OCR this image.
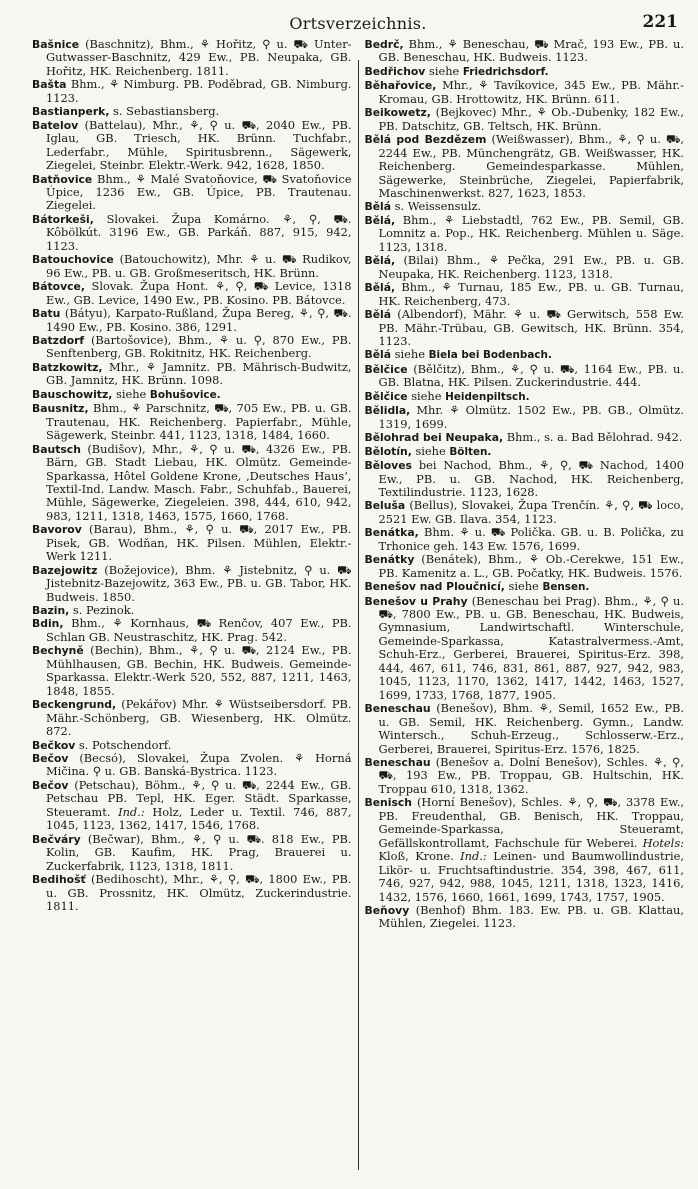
Ortsverzeichnis.	221

Bašnice (Baschnitz), Bhm., ⚘ Hořitz, ⚲ u. ⛟ Unter-Gutwasser-Baschnitz, 429 Ew., PB. Neupaka, GB. Hořitz, HK. Reichenberg. 1811.

Bašta Bhm., ⚘ Nimburg. PB. Poděbrad, GB. Nimburg. 1123.

Bastianperk, s. Sebastiansberg.

Batelov (Battelau), Mhr., ⚘, ⚲ u. ⛟, 2040 Ew., PB. Iglau, GB. Triesch, HK. Brünn. Tuchfabr., Lederfabr., Mühle, Spiritusbrenn., Sägewerk, Ziegelei, Steinbr. Elektr.-Werk. 942, 1628, 1850.

Batňovice Bhm., ⚘ Malé Svatoňovice, ⛟ Svatoňovice Úpice, 1236 Ew., GB. Úpice, PB. Trautenau. Ziegelei.

Bátorkeši, Slovakei. Župa Komárno. ⚘, ⚲, ⛟. Kôbölkút. 3196 Ew., GB. Parkáň. 887, 915, 942, 1123.

Batouchovice (Batouchowitz), Mhr. ⚘ u. ⛟ Rudikov, 96 Ew., PB. u. GB. Großmeseritsch, HK. Brünn.

Bátovce, Slovak. Župa Hont. ⚘, ⚲, ⛟ Levice, 1318 Ew., GB. Levice, 1490 Ew., PB. Kosino. PB. Bátovce.

Batu (Bátyu), Karpato-Rußland, Župa Bereg, ⚘, ⚲, ⛟. 1490 Ew., PB. Kosino. 386, 1291.

Batzdorf (Bartošovice), Bhm., ⚘ u. ⚲, 870 Ew., PB. Senftenberg, GB. Rokitnitz, HK. Reichenberg.

Batzkowitz, Mhr., ⚘ Jamnitz. PB. Mährisch-Budwitz, GB. Jamnitz, HK. Brünn. 1098.

Bauschowitz, siehe Bohušovice.

Bausnitz, Bhm., ⚘ Parschnitz, ⛟, 705 Ew., PB. u. GB. Trautenau, HK. Reichenberg. Papierfabr., Mühle, Sägewerk, Steinbr. 441, 1123, 1318, 1484, 1660.

Bautsch (Budišov), Mhr., ⚘, ⚲ u. ⛟, 4326 Ew., PB. Bärn, GB. Stadt Liebau, HK. Olmütz. Gemeinde-Sparkassa, Hôtel Goldene Krone, ‚Deutsches Haus‘, Textil-Ind. Landw. Masch. Fabr., Schuhfab., Bauerei, Mühle, Sägewerke, Ziegeleien. 398, 444, 610, 942, 983, 1211, 1318, 1463, 1575, 1660, 1768.

Bavorov (Barau), Bhm., ⚘, ⚲ u. ⛟, 2017 Ew., PB. Pisek, GB. Wodňan, HK. Pilsen. Mühlen, Elektr.-Werk 1211.

Bazejowitz (Božejovice), Bhm. ⚘ Jistebnitz, ⚲ u. ⛟ Jistebnitz-Bazejowitz, 363 Ew., PB. u. GB. Tabor, HK. Budweis. 1850.

Bazin, s. Pezinok.

Bdin, Bhm., ⚘ Kornhaus, ⛟ Renčov, 407 Ew., PB. Schlan GB. Neustraschitz, HK. Prag. 542.

Bechyně (Bechin), Bhm., ⚘, ⚲ u. ⛟, 2124 Ew., PB. Mühlhausen, GB. Bechin, HK. Budweis. Gemeinde-Sparkassa. Elektr.-Werk 520, 552, 887, 1211, 1463, 1848, 1855.

Beckengrund, (Pekářov) Mhr. ⚘ Wüstseibersdorf. PB. Mähr.-Schönberg, GB. Wiesenberg, HK. Olmütz. 872.

Bečkov s. Potschendorf.

Bečov (Becsó), Slovakei, Župa Zvolen. ⚘ Horná Mičina. ⚲ u. GB. Banská-Bystrica. 1123.

Bečov (Petschau), Böhm., ⚘, ⚲ u. ⛟, 2244 Ew., GB. Petschau PB. Tepl, HK. Eger. Städt. Sparkasse, Steueramt. Ind.: Holz, Leder u. Textil. 746, 887, 1045, 1123, 1362, 1417, 1546, 1768.

Bečváry (Bečwar), Bhm., ⚘, ⚲ u. ⛟. 818 Ew., PB. Kolin, GB. Kaufim, HK. Prag, Brauerei u. Zuckerfabrik, 1123, 1318, 1811.

Bedihošť (Bedihoscht), Mhr., ⚘, ⚲, ⛟, 1800 Ew., PB. u. GB. Prossnitz, HK. Olmütz, Zuckerindustrie. 1811.

Bedrč, Bhm., ⚘ Beneschau, ⛟ Mrač, 193 Ew., PB. u. GB. Beneschau, HK. Budweis. 1123.

Bedřichov siehe Friedrichsdorf.

Běhařovice, Mhr., ⚘ Tavíkovice, 345 Ew., PB. Mähr.-Kromau, GB. Hrottowitz, HK. Brünn. 611.

Beikowetz, (Bejkovec) Mhr., ⚘ Ob.-Dubenky, 182 Ew., PB. Datschitz, GB. Teltsch, HK. Brünn.

Bělá pod Bezdězem (Weißwasser), Bhm., ⚘, ⚲ u. ⛟, 2244 Ew., PB. Münchengrätz, GB. Weißwasser, HK. Reichenberg. Gemeindesparkasse. Mühlen, Sägewerke, Steinbrüche, Ziegelei, Papierfabrik, Maschinenwerkst. 827, 1623, 1853.

Bělá s. Weissensulz.

Bělá, Bhm., ⚘ Liebstadtl, 762 Ew., PB. Semil, GB. Lomnitz a. Pop., HK. Reichenberg. Mühlen u. Säge. 1123, 1318.

Bělá, (Bilai) Bhm., ⚘ Pečka, 291 Ew., PB. u. GB. Neupaka, HK. Reichenberg. 1123, 1318.

Bělá, Bhm., ⚘ Turnau, 185 Ew., PB. u. GB. Turnau, HK. Reichenberg, 473.

Bělá (Albendorf), Mähr. ⚘ u. ⛟ Gerwitsch, 558 Ew. PB. Mähr.-Trübau, GB. Gewitsch, HK. Brünn. 354, 1123.

Bělá siehe Biela bei Bodenbach.

Bělčice (Bělčitz), Bhm., ⚘, ⚲ u. ⛟, 1164 Ew., PB. u. GB. Blatna, HK. Pilsen. Zuckerindustrie. 444.

Bělčice siehe Heidenpiltsch.

Bělidla, Mhr. ⚘ Olmütz. 1502 Ew., PB. GB., Olmütz. 1319, 1699.

Bělohrad bei Neupaka, Bhm., s. a. Bad Bělohrad. 942.

Bělotín, siehe Bölten.

Běloves bei Nachod, Bhm., ⚘, ⚲, ⛟ Nachod, 1400 Ew., PB. u. GB. Nachod, HK. Reichenberg, Textilindustrie. 1123, 1628.

Beluša (Bellus), Slovakei, Župa Trenčín. ⚘, ⚲, ⛟ loco, 2521 Ew. GB. Ilava. 354, 1123.

Benátka, Bhm. ⚘ u. ⛟ Polička. GB. u. B. Polička, zu Trhonice geh. 143 Ew. 1576, 1699.

Benátky (Benátek), Bhm., ⚘ Ob.-Cerekwe, 151 Ew., PB. Kamenitz a. L., GB. Počatky, HK. Budweis. 1576.

Benešov nad Ploučnicí, siehe Bensen.

Benešov u Prahy (Beneschau bei Prag). Bhm., ⚘, ⚲ u. ⛟, 7800 Ew., PB. u. GB. Beneschau, HK. Budweis, Gymnasium, Landwirtschaftl. Winterschule, Gemeinde-Sparkassa, Katastralvermess.-Amt, Schuh-Erz., Gerberei, Brauerei, Spiritus-Erz. 398, 444, 467, 611, 746, 831, 861, 887, 927, 942, 983, 1045, 1123, 1170, 1362, 1417, 1442, 1463, 1527, 1699, 1733, 1768, 1877, 1905.

Beneschau (Benešov), Bhm. ⚘, Semil, 1652 Ew., PB. u. GB. Semil, HK. Reichenberg. Gymn., Landw. Wintersch., Schuh-Erzeug., Schlosserw.-Erz., Gerberei, Brauerei, Spiritus-Erz. 1576, 1825.

Beneschau (Benešov a. Dolní Benešov), Schles. ⚘, ⚲, ⛟, 193 Ew., PB. Troppau, GB. Hultschin, HK. Troppau 610, 1318, 1362.

Benisch (Horní Benešov), Schles. ⚘, ⚲, ⛟, 3378 Ew., PB. Freudenthal, GB. Benisch, HK. Troppau, Gemeinde-Sparkassa, Steueramt, Gefällskontrollamt, Fachschule für Weberei. Hotels: Kloß, Krone. Ind.: Leinen- und Baumwollindustrie, Likör- u. Fruchtsaftindustrie. 354, 398, 467, 611, 746, 927, 942, 988, 1045, 1211, 1318, 1323, 1416, 1432, 1576, 1660, 1661, 1699, 1743, 1757, 1905.

Beňovy (Benhof) Bhm. 183. Ew. PB. u. GB. Klattau, Mühlen, Ziegelei. 1123.
